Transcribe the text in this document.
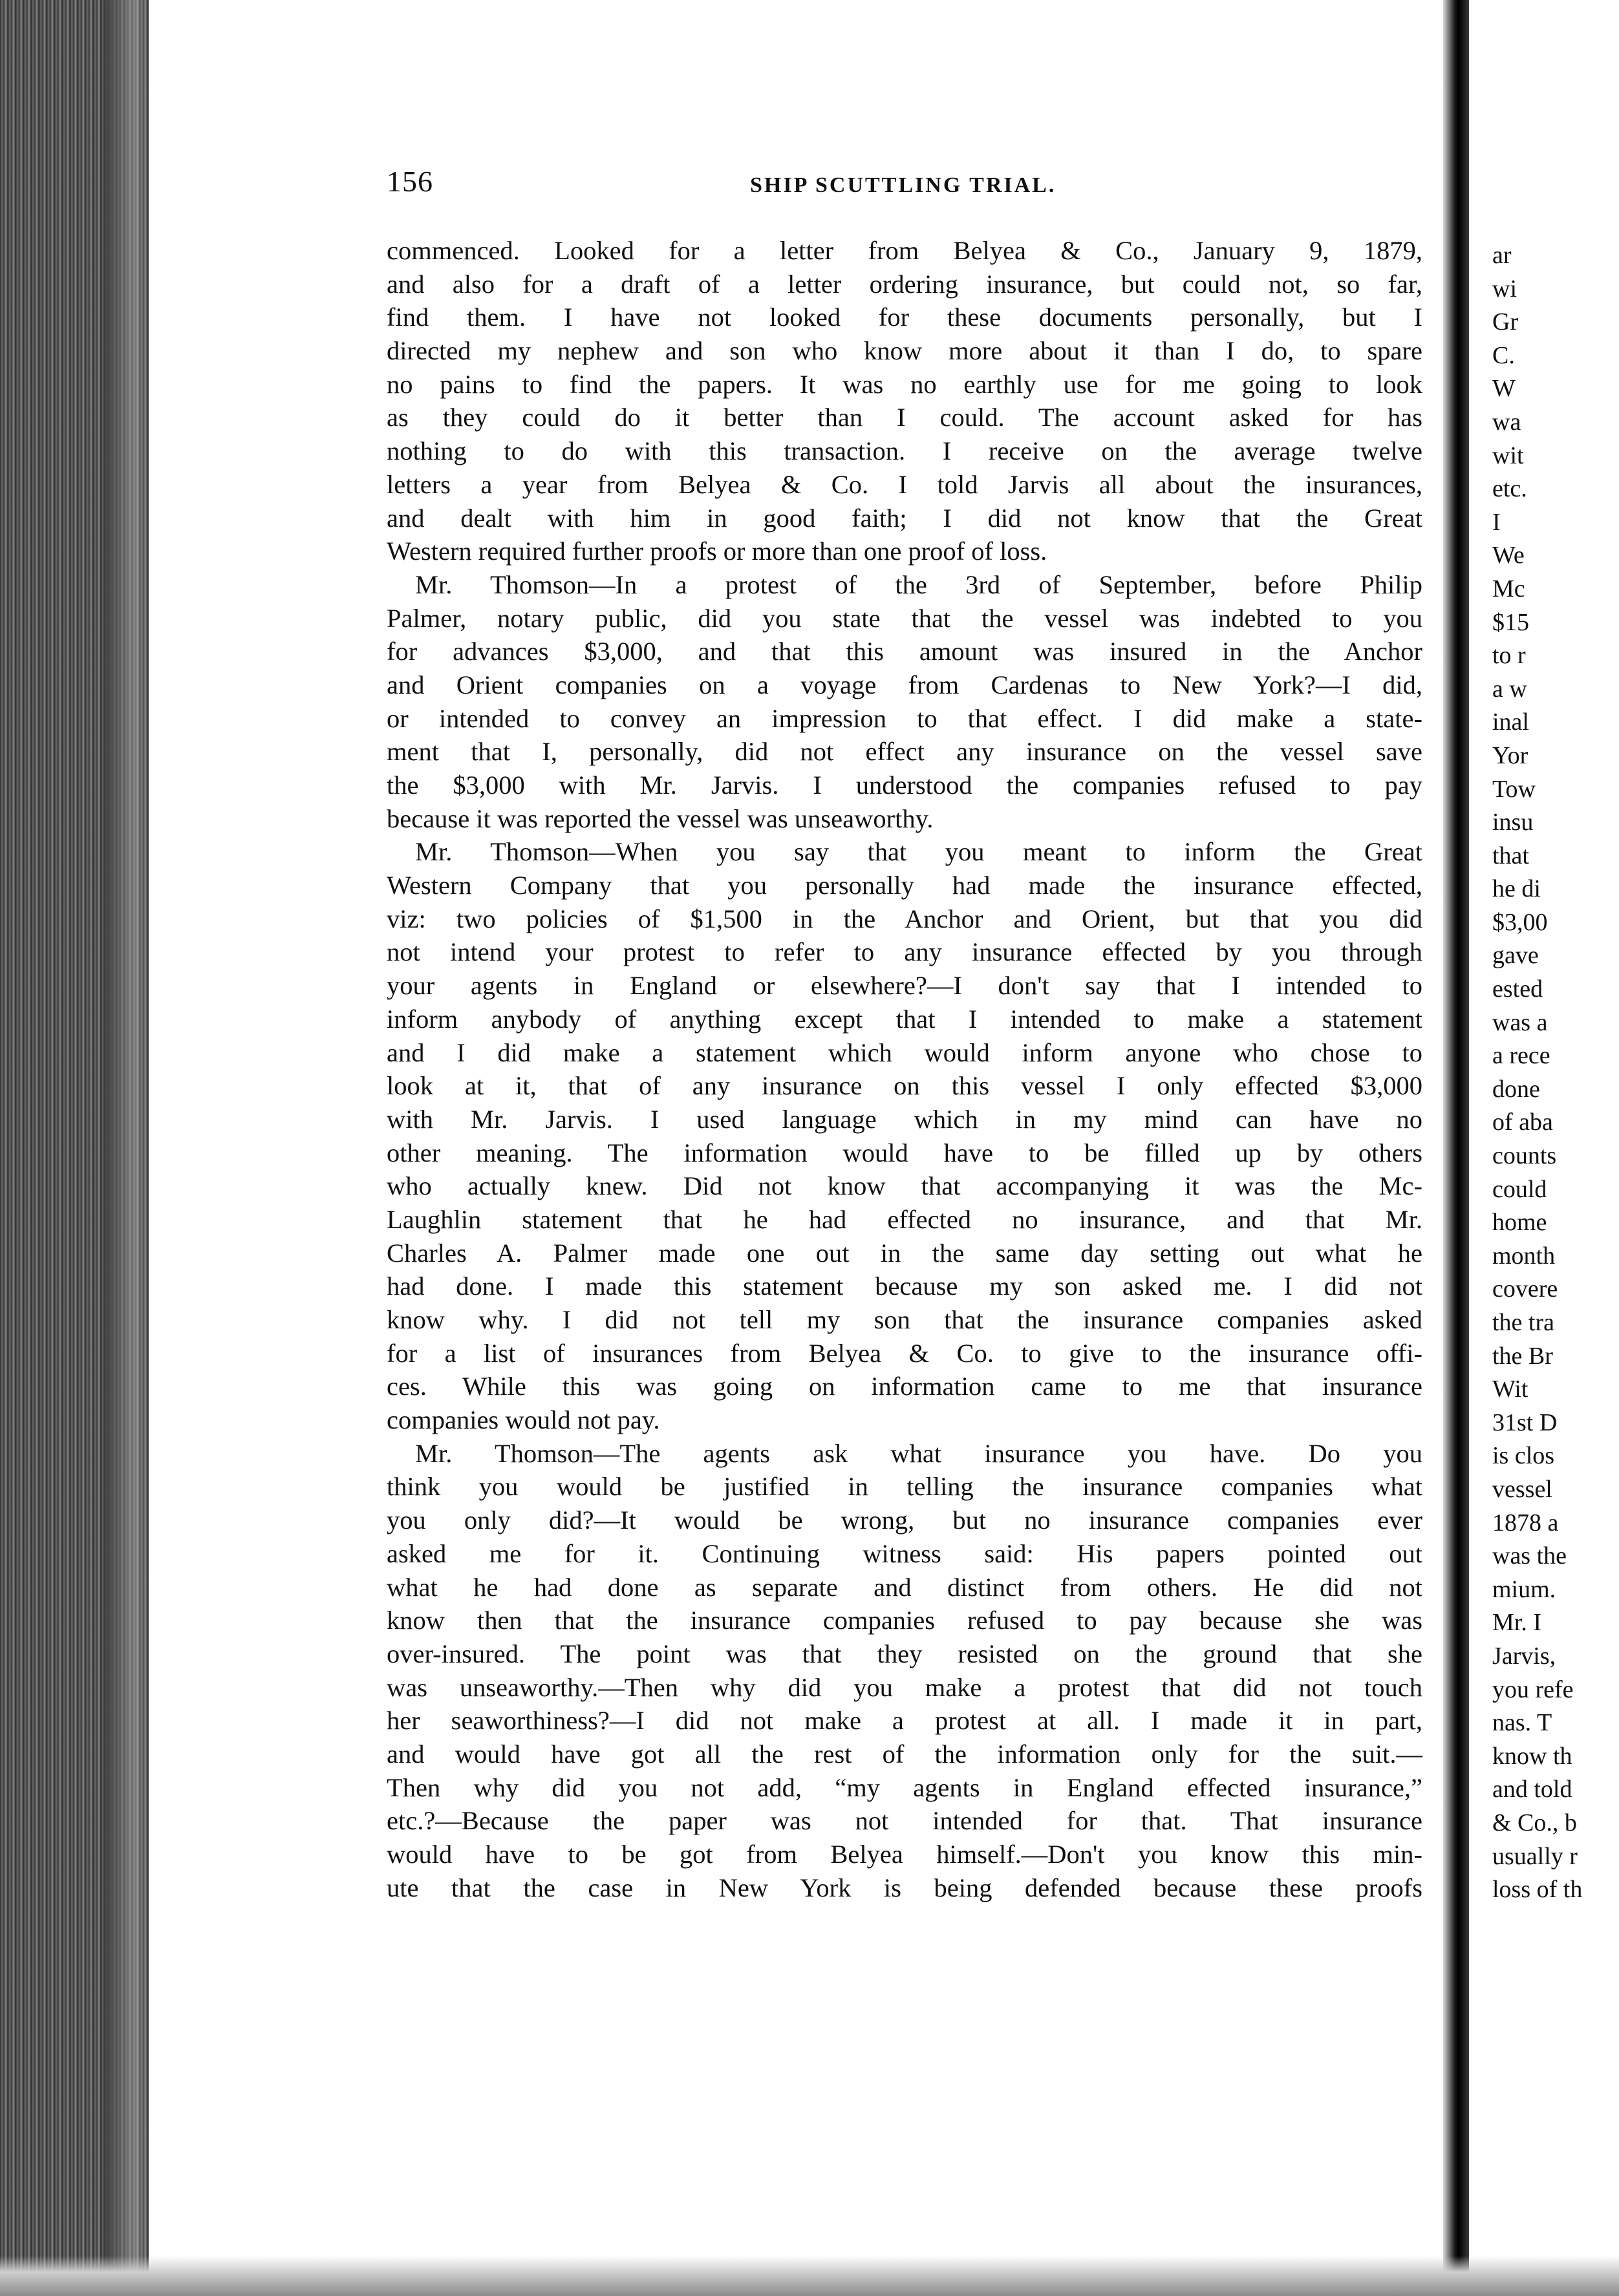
156	SHIP SCUTTLING TRIAL.
commenced. Looked for a letter from Belyea & Co., January 9, 1879,
and also for a draft of a letter ordering insurance, but could not, so far,
find them. I have not looked for these documents personally, but I
directed my nephew and son who know more about it than I do, to spare
no pains to find the papers. It was no earthly use for me going to look
as they could do it better than I could. The account asked for has
nothing to do with this transaction. I receive on the average twelve
letters a year from Belyea & Co. I told Jarvis all about the insurances,
and dealt with him in good faith; I did not know that the Great
Western required further proofs or more than one proof of loss.
Mr. Thomson—In a protest of the 3rd of September, before Philip
Palmer, notary public, did you state that the vessel was indebted to you
for advances $3,000, and that this amount was insured in the Anchor
and Orient companies on a voyage from Cardenas to New York?—I did,
or intended to convey an impression to that effect. I did make a state-
ment that I, personally, did not effect any insurance on the vessel save
the $3,000 with Mr. Jarvis. I understood the companies refused to pay
because it was reported the vessel was unseaworthy.
Mr. Thomson—When you say that you meant to inform the Great
Western Company that you personally had made the insurance effected,
viz: two policies of $1,500 in the Anchor and Orient, but that you did
not intend your protest to refer to any insurance effected by you through
your agents in England or elsewhere?—I don't say that I intended to
inform anybody of anything except that I intended to make a statement
and I did make a statement which would inform anyone who chose to
look at it, that of any insurance on this vessel I only effected $3,000
with Mr. Jarvis. I used language which in my mind can have no
other meaning. The information would have to be filled up by others
who actually knew. Did not know that accompanying it was the Mc-
Laughlin statement that he had effected no insurance, and that Mr.
Charles A. Palmer made one out in the same day setting out what he
had done. I made this statement because my son asked me. I did not
know why. I did not tell my son that the insurance companies asked
for a list of insurances from Belyea & Co. to give to the insurance offi-
ces. While this was going on information came to me that insurance
companies would not pay.
Mr. Thomson—The agents ask what insurance you have. Do you
think you would be justified in telling the insurance companies what
you only did?—It would be wrong, but no insurance companies ever
asked me for it. Continuing witness said: His papers pointed out
what he had done as separate and distinct from others. He did not
know then that the insurance companies refused to pay because she was
over-insured. The point was that they resisted on the ground that she
was unseaworthy.—Then why did you make a protest that did not touch
her seaworthiness?—I did not make a protest at all. I made it in part,
and would have got all the rest of the information only for the suit.—
Then why did you not add, “my agents in England effected insurance,”
etc.?—Because the paper was not intended for that. That insurance
would have to be got from Belyea himself.—Don't you know this min-
ute that the case in New York is being defended because these proofs
ar
wi
Gr
C.
W
wa
wit
etc.
I
We
Mc
$15
to r
a w
inal
Yor
Tow
insu
that
he di
$3,00
gave
ested
was a
a rece
done
of aba
counts
could
home
month
covere
the tra
the Br
Wit
31st D
is clos
vessel
1878 a
was the
mium.
Mr. I
Jarvis,
you refe
nas. T
know th
and told
& Co., b
usually r
loss of th
